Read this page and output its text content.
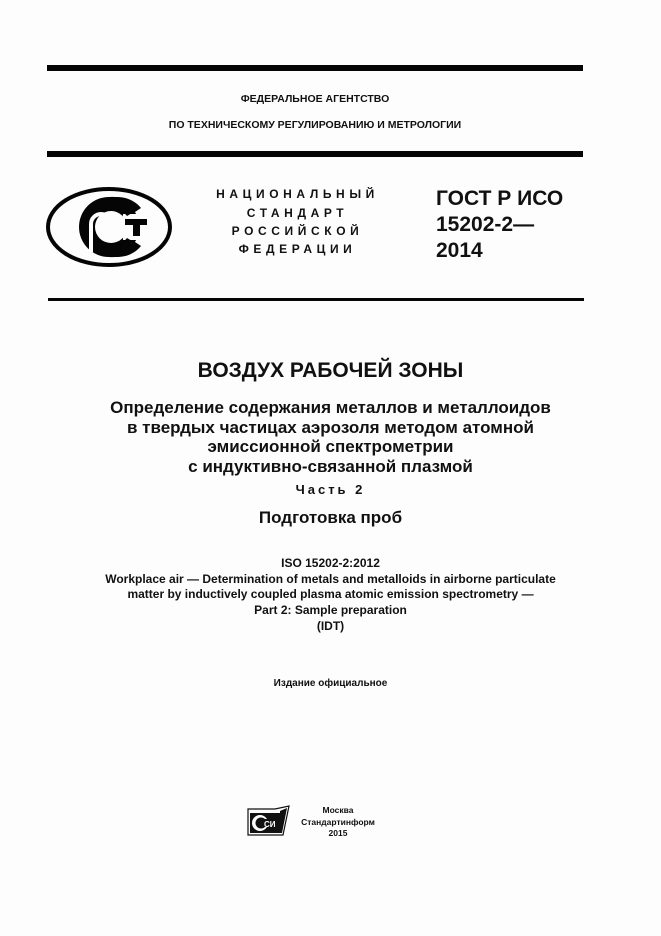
ФЕДЕРАЛЬНОЕ АГЕНТСТВО
ПО ТЕХНИЧЕСКОМУ РЕГУЛИРОВАНИЮ И МЕТРОЛОГИИ
НАЦИОНАЛЬНЫЙ
СТАНДАРТ
РОССИЙСКОЙ
ФЕДЕРАЦИИ
ГОСТ Р ИСО
15202-2—
2014
ВОЗДУХ РАБОЧЕЙ ЗОНЫ
Определение содержания металлов и металлоидов
в твердых частицах аэрозоля методом атомной
эмиссионной спектрометрии
с индуктивно-связанной плазмой
Часть 2
Подготовка проб
ISO 15202-2:2012
Workplace air — Determination of metals and metalloids in airborne particulate
matter by inductively coupled plasma atomic emission spectrometry —
Part 2: Sample preparation
(IDT)
Издание официальное
СИ
Москва
Стандартинформ
2015
